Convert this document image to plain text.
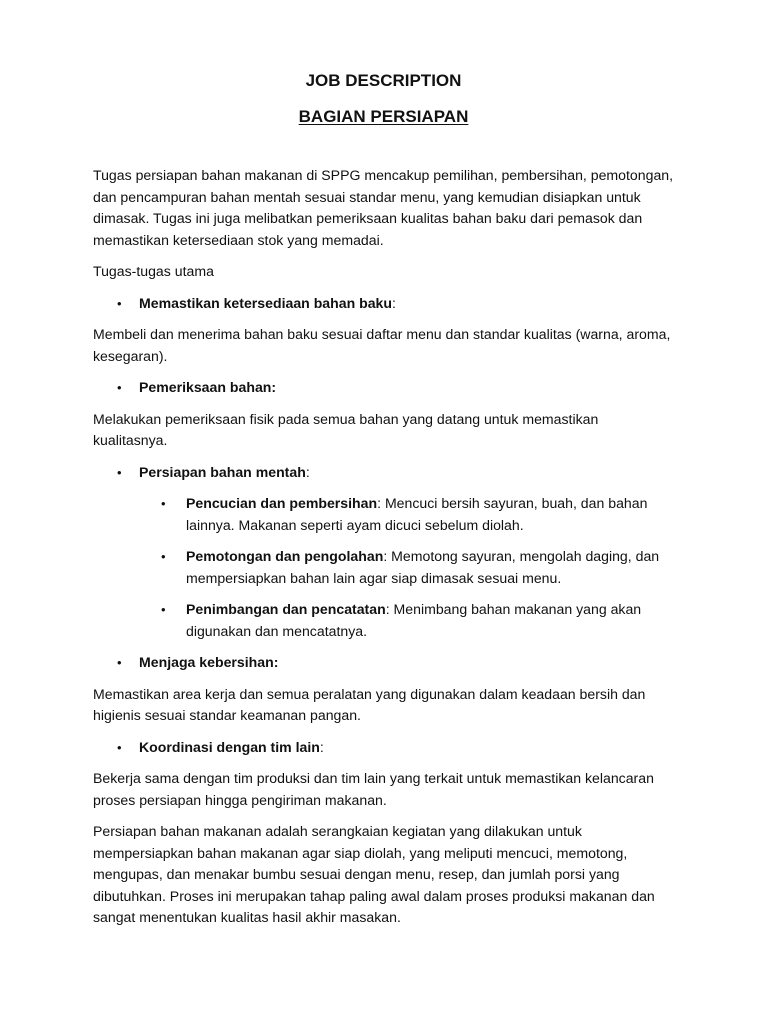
JOB DESCRIPTION
BAGIAN PERSIAPAN

Tugas persiapan bahan makanan di SPPG mencakup pemilihan, pembersihan, pemotongan, dan pencampuran bahan mentah sesuai standar menu, yang kemudian disiapkan untuk dimasak. Tugas ini juga melibatkan pemeriksaan kualitas bahan baku dari pemasok dan memastikan ketersediaan stok yang memadai.

Tugas-tugas utama

• Memastikan ketersediaan bahan baku:

Membeli dan menerima bahan baku sesuai daftar menu dan standar kualitas (warna, aroma, kesegaran).

• Pemeriksaan bahan:

Melakukan pemeriksaan fisik pada semua bahan yang datang untuk memastikan kualitasnya.

• Persiapan bahan mentah:
• Pencucian dan pembersihan: Mencuci bersih sayuran, buah, dan bahan lainnya. Makanan seperti ayam dicuci sebelum diolah.
• Pemotongan dan pengolahan: Memotong sayuran, mengolah daging, dan mempersiapkan bahan lain agar siap dimasak sesuai menu.
• Penimbangan dan pencatatan: Menimbang bahan makanan yang akan digunakan dan mencatatnya.
• Menjaga kebersihan:

Memastikan area kerja dan semua peralatan yang digunakan dalam keadaan bersih dan higienis sesuai standar keamanan pangan.

• Koordinasi dengan tim lain:

Bekerja sama dengan tim produksi dan tim lain yang terkait untuk memastikan kelancaran proses persiapan hingga pengiriman makanan.

Persiapan bahan makanan adalah serangkaian kegiatan yang dilakukan untuk mempersiapkan bahan makanan agar siap diolah, yang meliputi mencuci, memotong, mengupas, dan menakar bumbu sesuai dengan menu, resep, dan jumlah porsi yang dibutuhkan. Proses ini merupakan tahap paling awal dalam proses produksi makanan dan sangat menentukan kualitas hasil akhir masakan.
